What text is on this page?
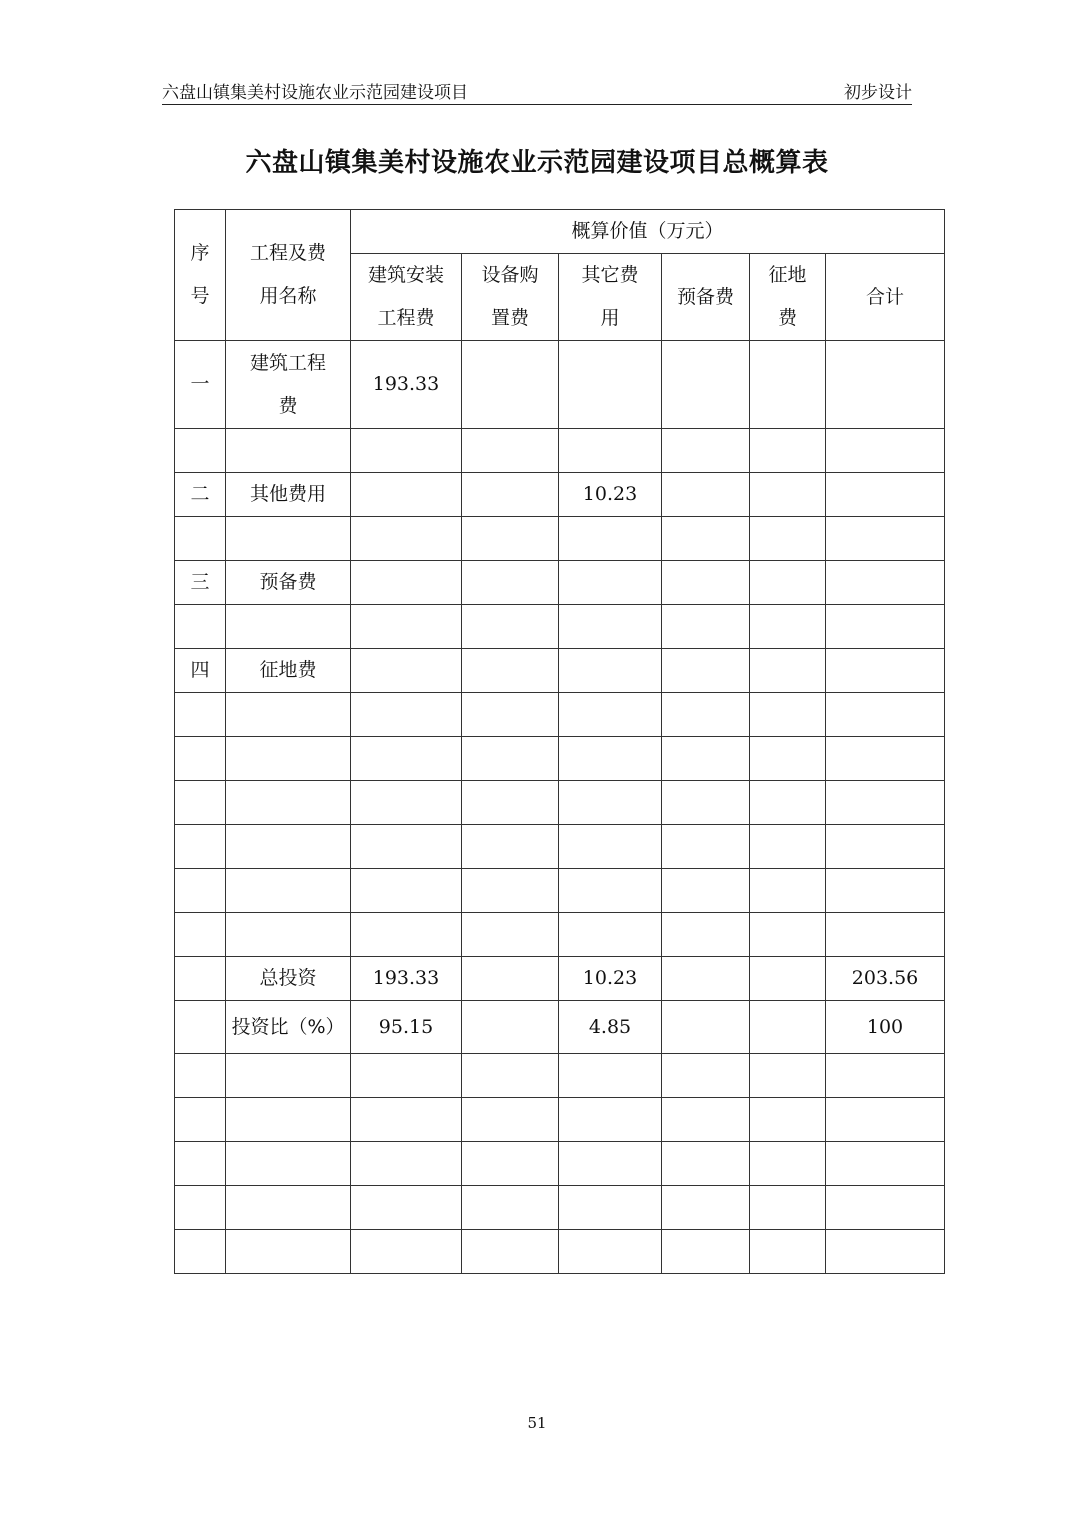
六盘山镇集美村设施农业示范园建设项目	初步设计
六盘山镇集美村设施农业示范园建设项目总概算表
序号	工程及费用名称	概算价值（万元）					
		建筑安装工程费	设备购置费	其它费用	预备费	征地费	合计
一	建筑工程费	193.33					

二	其他费用			10.23			

三	预备费						

四	征地费						

	总投资	193.33		10.23			203.56
	投资比（%）	95.15		4.85			100

51
